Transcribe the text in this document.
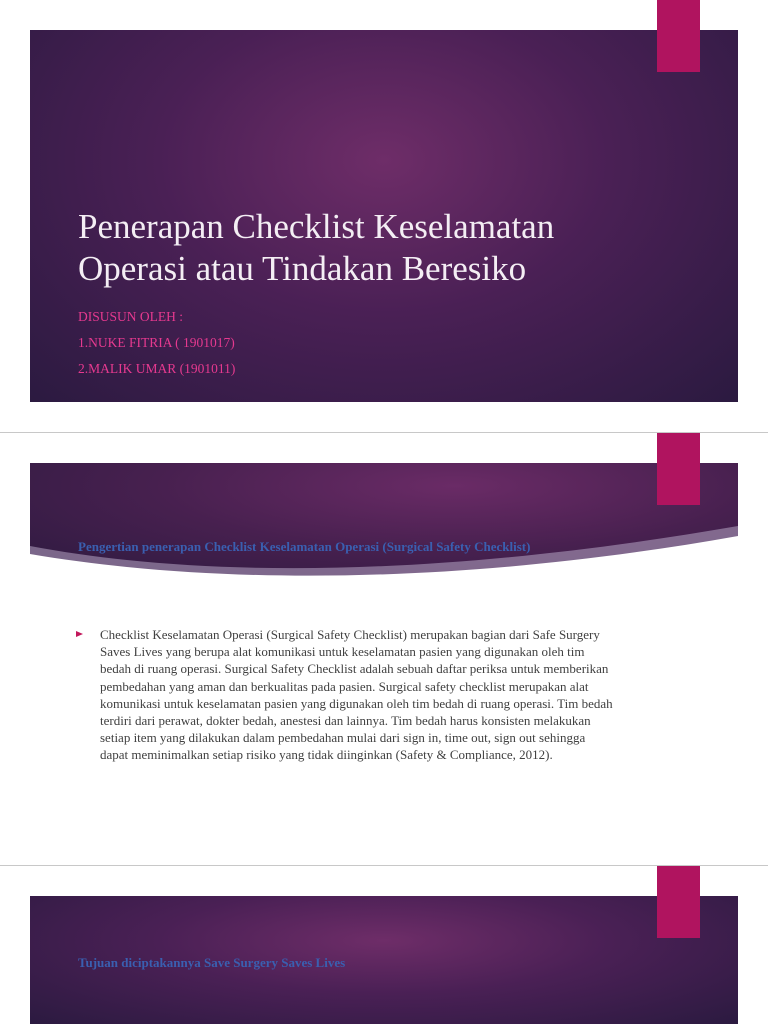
Penerapan Checklist Keselamatan
Operasi atau Tindakan Beresiko
DISUSUN OLEH :
1.NUKE FITRIA ( 1901017)
2.MALIK UMAR (1901011)

Pengertian penerapan Checklist Keselamatan Operasi (Surgical Safety Checklist)

Checklist Keselamatan Operasi (Surgical Safety Checklist) merupakan bagian dari Safe Surgery Saves Lives yang berupa alat komunikasi untuk keselamatan pasien yang digunakan oleh tim bedah di ruang operasi. Surgical Safety Checklist adalah sebuah daftar periksa untuk memberikan pembedahan yang aman dan berkualitas pada pasien. Surgical safety checklist merupakan alat komunikasi untuk keselamatan pasien yang digunakan oleh tim bedah di ruang operasi. Tim bedah terdiri dari perawat, dokter bedah, anestesi dan lainnya. Tim bedah harus konsisten melakukan setiap item yang dilakukan dalam pembedahan mulai dari sign in, time out, sign out sehingga dapat meminimalkan setiap risiko yang tidak diinginkan (Safety & Compliance, 2012).

Tujuan diciptakannya Save Surgery Saves Lives
